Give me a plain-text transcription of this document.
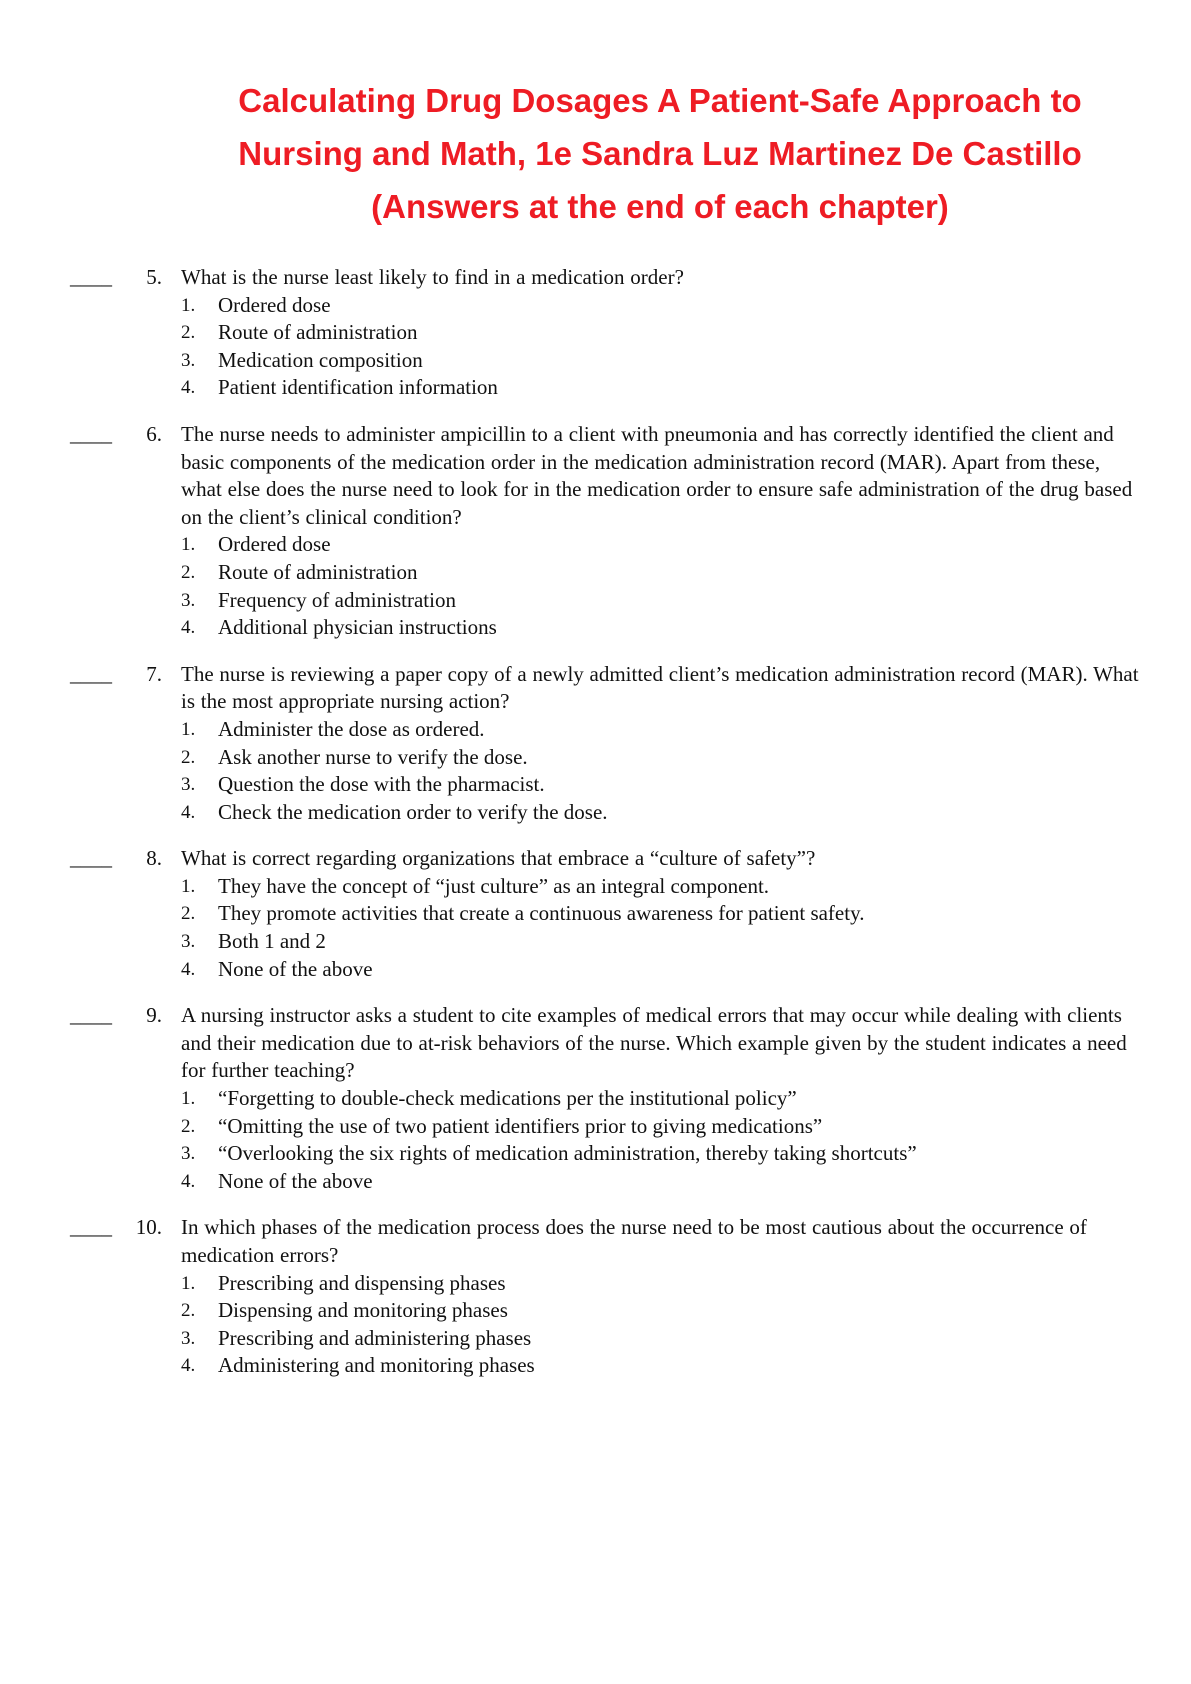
Calculating Drug Dosages A Patient-Safe Approach to
Nursing and Math, 1e Sandra Luz Martinez De Castillo
(Answers at the end of each chapter)
____	5. What is the nurse least likely to find in a medication order?
1. Ordered dose
2. Route of administration
3. Medication composition
4. Patient identification information
____	6. The nurse needs to administer ampicillin to a client with pneumonia and has correctly identified the client and basic components of the medication order in the medication administration record (MAR). Apart from these, what else does the nurse need to look for in the medication order to ensure safe administration of the drug based on the client’s clinical condition?
1. Ordered dose
2. Route of administration
3. Frequency of administration
4. Additional physician instructions
____	7. The nurse is reviewing a paper copy of a newly admitted client’s medication administration record (MAR). What is the most appropriate nursing action?
1. Administer the dose as ordered.
2. Ask another nurse to verify the dose.
3. Question the dose with the pharmacist.
4. Check the medication order to verify the dose.
____	8. What is correct regarding organizations that embrace a “culture of safety”?
1. They have the concept of “just culture” as an integral component.
2. They promote activities that create a continuous awareness for patient safety.
3. Both 1 and 2
4. None of the above
____	9. A nursing instructor asks a student to cite examples of medical errors that may occur while dealing with clients and their medication due to at-risk behaviors of the nurse. Which example given by the student indicates a need for further teaching?
1. “Forgetting to double-check medications per the institutional policy”
2. “Omitting the use of two patient identifiers prior to giving medications”
3. “Overlooking the six rights of medication administration, thereby taking shortcuts”
4. None of the above
____	10. In which phases of the medication process does the nurse need to be most cautious about the occurrence of medication errors?
1. Prescribing and dispensing phases
2. Dispensing and monitoring phases
3. Prescribing and administering phases
4. Administering and monitoring phases
